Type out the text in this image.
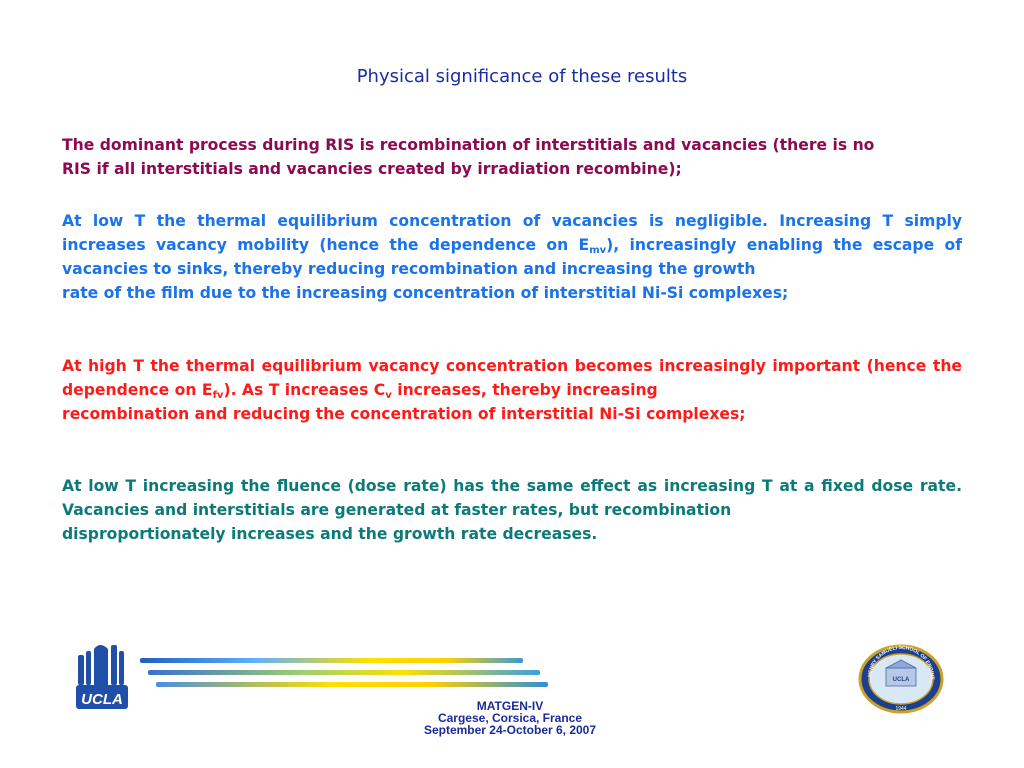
Physical significance of these results
The dominant process during RIS is recombination of interstitials and vacancies (there is no
RIS if all interstitials and vacancies created by irradiation recombine);
At low T the thermal equilibrium concentration of vacancies is negligible. Increasing T simply increases vacancy mobility (hence the dependence on $E_{mv}$), increasingly enabling the escape of vacancies to sinks, thereby reducing recombination and increasing the growth
rate of the film due to the increasing concentration of interstitial Ni-Si complexes;
At high T the thermal equilibrium vacancy concentration becomes increasingly important (hence the dependence on $E_{fv}$). As T increases $C_v$ increases, thereby increasing
recombination and reducing the concentration of interstitial Ni-Si complexes;
At low T increasing the fluence (dose rate) has the same effect as increasing T at a fixed dose rate. Vacancies and interstitials are generated at faster rates, but recombination
disproportionately increases and the growth rate decreases.
UCLA	MATGEN-IV
Cargese, Corsica, France
September 24-October 6, 2007
HENRY SAMUELI SCHOOL OF ENGINE
UCLA
1944
